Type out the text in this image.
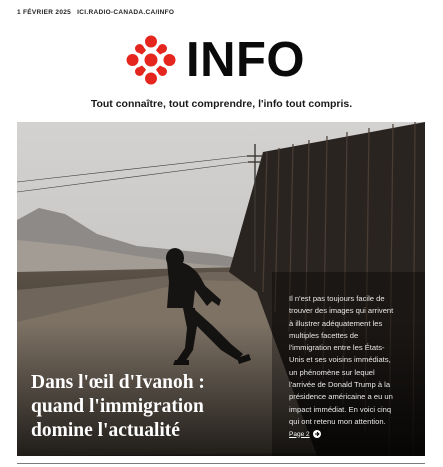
1 FÉVRIER 2025 ICI.RADIO-CANADA.CA/INFO
INFO
Tout connaître, tout comprendre, l'info tout compris.
Dans l'œil d'Ivanoh :
quand l'immigration
domine l'actualité
Il n'est pas toujours facile de
trouver des images qui arrivent
à illustrer adéquatement les
multiples facettes de
l'immigration entre les États-
Unis et ses voisins immédiats,
un phénomène sur lequel
l'arrivée de Donald Trump à la
présidence américaine a eu un
impact immédiat. En voici cinq
qui ont retenu mon attention.
Page 2
